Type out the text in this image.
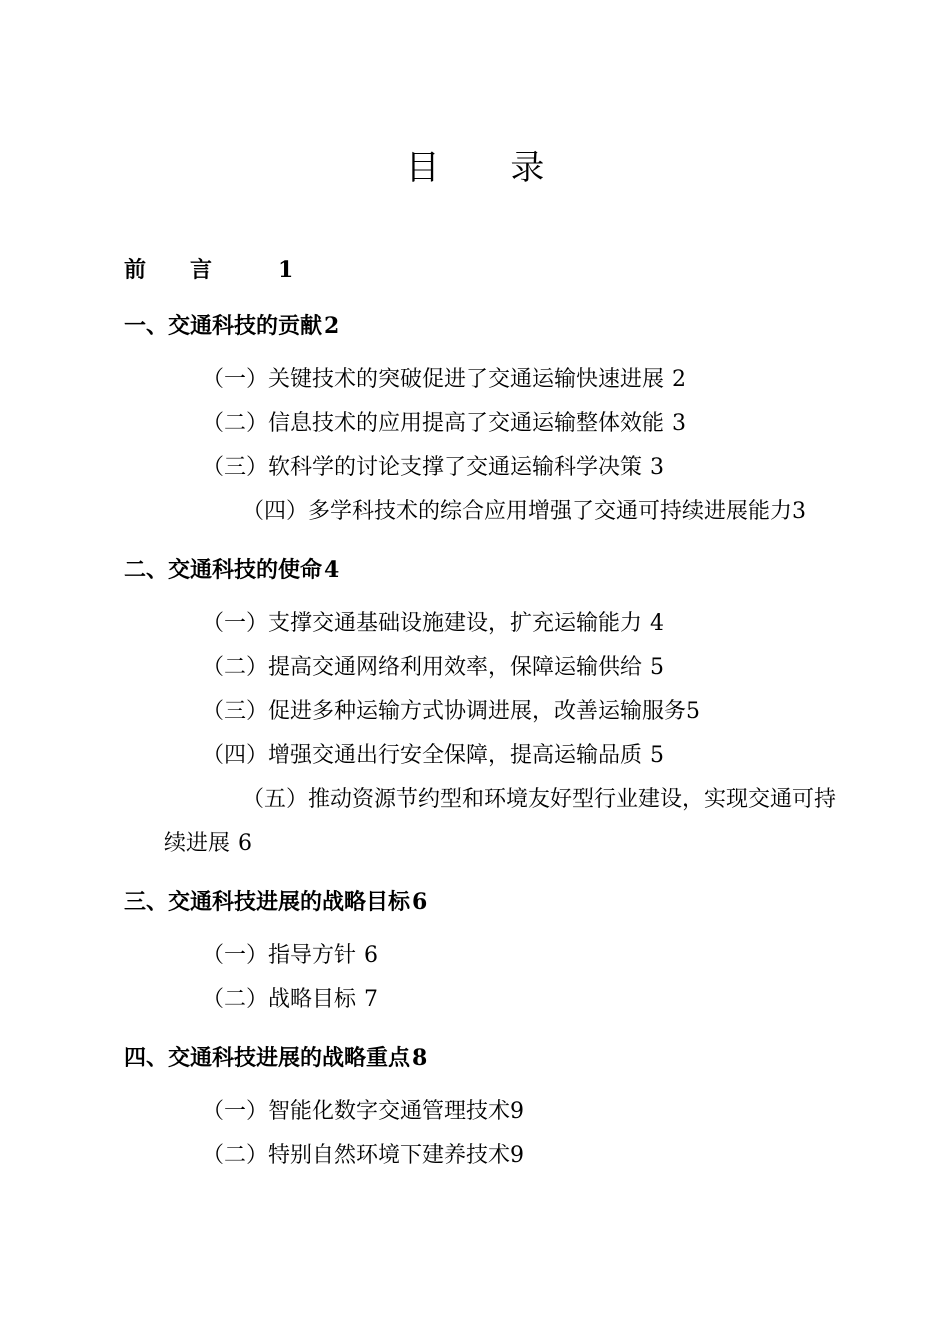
目 录
前言 1
一、交通科技的贡献2
（一）关键技术的突破促进了交通运输快速进展 2
（二）信息技术的应用提高了交通运输整体效能 3
（三）软科学的讨论支撑了交通运输科学决策 3
（四）多学科技术的综合应用增强了交通可持续进展能力3
二、交通科技的使命4
（一）支撑交通基础设施建设，扩充运输能力 4
（二）提高交通网络利用效率，保障运输供给 5
（三）促进多种运输方式协调进展，改善运输服务5
（四）增强交通出行安全保障，提高运输品质 5
（五）推动资源节约型和环境友好型行业建设，实现交通可持续进展 6
三、交通科技进展的战略目标6
（一）指导方针 6
（二）战略目标 7
四、交通科技进展的战略重点8
（一）智能化数字交通管理技术9
（二）特别自然环境下建养技术9
